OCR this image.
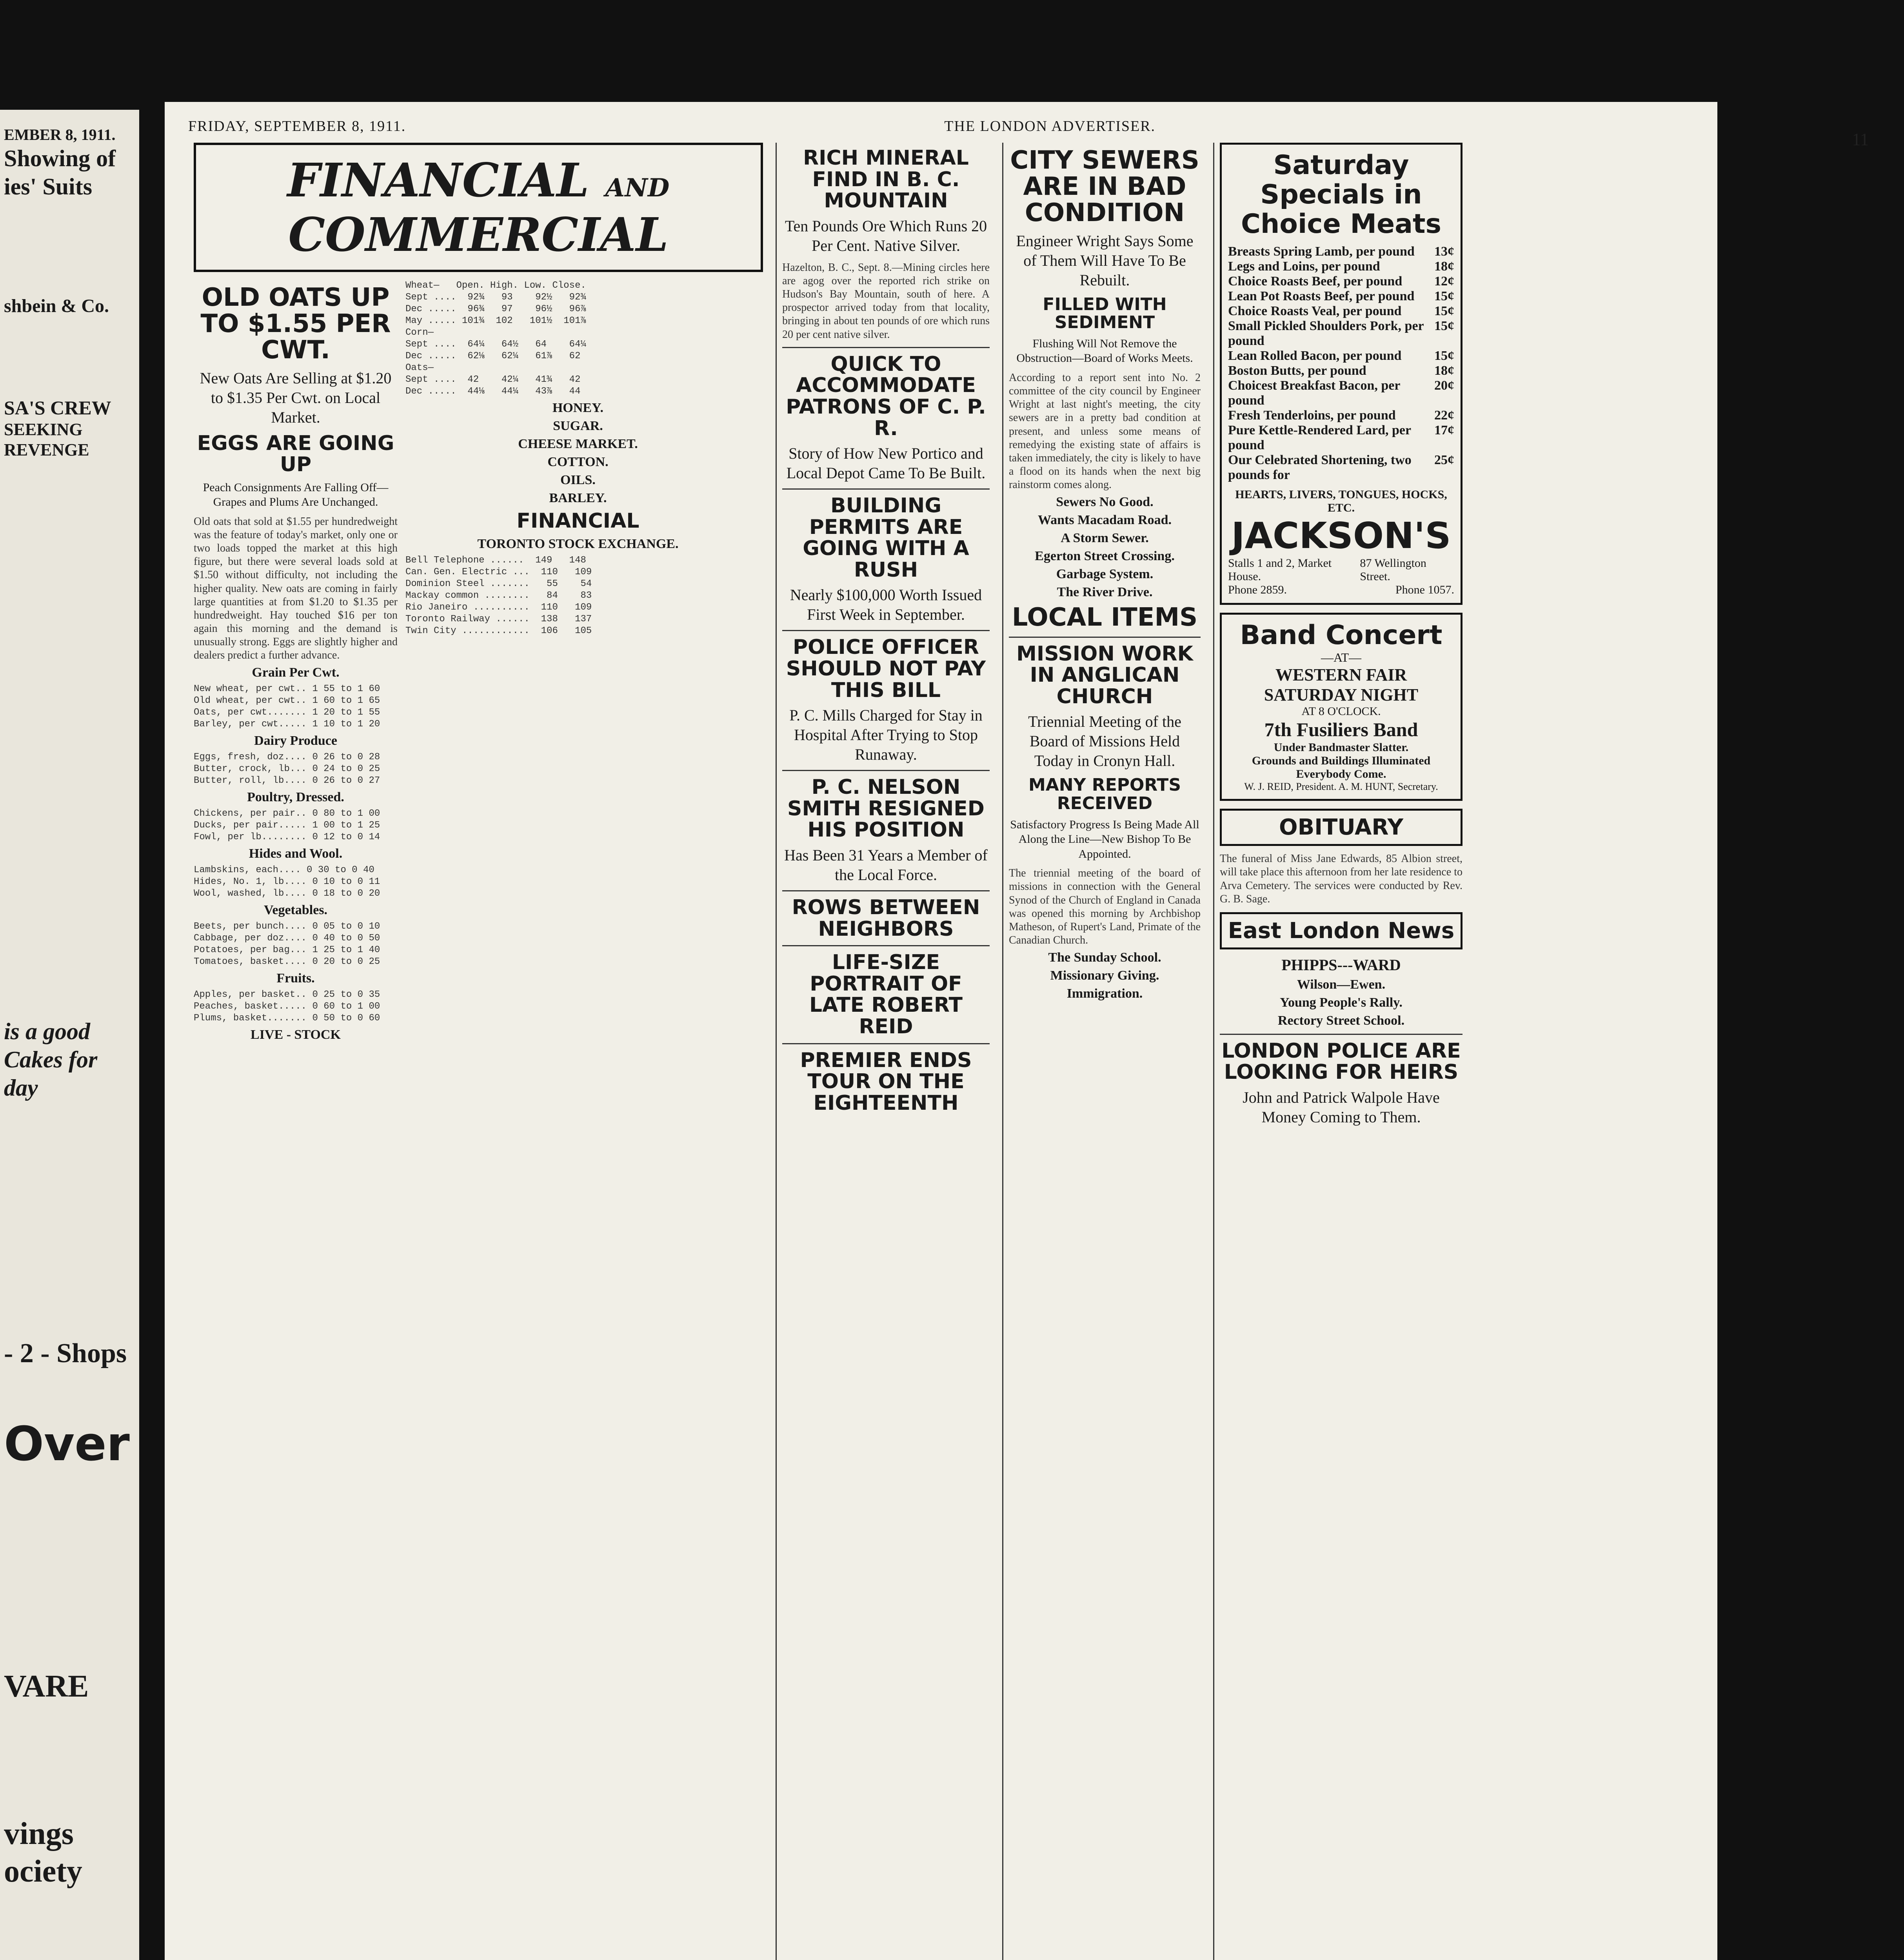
EMBER 8, 1911.
Showing of
ies' Suits
shbein & Co.
SA'S CREW
SEEKING REVENGE
is a good
Cakes for
day
- 2 - Shops
Over
VARE
vings
ociety
11
FRIDAY, SEPTEMBER 8, 1911.	THE LONDON ADVERTISER.
FINANCIAL AND COMMERCIAL
OLD OATS UP TO $1.55 PER CWT.
New Oats Are Selling at $1.20 to $1.35 Per Cwt. on Local Market.
EGGS ARE GOING UP
Peach Consignments Are Falling Off—Grapes and Plums Are Unchanged.
Old oats that sold at $1.55 per hundredweight was the feature of today's market, only one or two loads topped the market at this high figure, but there were several loads sold at $1.50 without difficulty, not including the higher quality. New oats are coming in fairly large quantities at from $1.20 to $1.35 per hundredweight. Hay touched $16 per ton again this morning and the demand is unusually strong. Eggs are slightly higher and dealers predict a further advance.
Grain Per Cwt.
New wheat, per cwt.. 1 55 to 1 60
Old wheat, per cwt.. 1 60 to 1 65
Oats, per cwt....... 1 20 to 1 55
Barley, per cwt..... 1 10 to 1 20
Dairy Produce
Eggs, fresh, doz.... 0 26 to 0 28
Butter, crock, lb... 0 24 to 0 25
Butter, roll, lb.... 0 26 to 0 27
Poultry, Dressed.
Chickens, per pair.. 0 80 to 1 00
Ducks, per pair..... 1 00 to 1 25
Fowl, per lb........ 0 12 to 0 14
Hides and Wool.
Lambskins, each.... 0 30 to 0 40
Hides, No. 1, lb.... 0 10 to 0 11
Wool, washed, lb.... 0 18 to 0 20
Vegetables.
Beets, per bunch.... 0 05 to 0 10
Cabbage, per doz.... 0 40 to 0 50
Potatoes, per bag... 1 25 to 1 40
Tomatoes, basket.... 0 20 to 0 25
Fruits.
Apples, per basket.. 0 25 to 0 35
Peaches, basket..... 0 60 to 1 00
Plums, basket....... 0 50 to 0 60
LIVE - STOCK
Wheat—   Open. High. Low. Close.
Sept ....  92¾   93    92½   92¾
Dec .....  96¾   97    96½   96⅞
May ..... 101¾  102   101½  101⅞
Corn—
Sept ....  64¼   64½   64    64¼
Dec .....  62⅛   62¼   61⅞   62
Oats—
Sept ....  42    42¼   41¾   42
Dec .....  44⅛   44¼   43⅞   44
HONEY.
SUGAR.
CHEESE MARKET.
COTTON.
OILS.
BARLEY.
FINANCIAL
TORONTO STOCK EXCHANGE.
Bell Telephone ......  149   148
Can. Gen. Electric ...  110   109
Dominion Steel .......   55    54
Mackay common ........   84    83
Rio Janeiro ..........  110   109
Toronto Railway ......  138   137
Twin City ............  106   105
RICH MINERAL FIND IN B. C. MOUNTAIN
Ten Pounds Ore Which Runs 20 Per Cent. Native Silver.
Hazelton, B. C., Sept. 8.—Mining circles here are agog over the reported rich strike on Hudson's Bay Mountain, south of here. A prospector arrived today from that locality, bringing in about ten pounds of ore which runs 20 per cent native silver.
QUICK TO ACCOMMODATE PATRONS OF C. P. R.
Story of How New Portico and Local Depot Came To Be Built.
BUILDING PERMITS ARE GOING WITH A RUSH
Nearly $100,000 Worth Issued First Week in September.
POLICE OFFICER SHOULD NOT PAY THIS BILL
P. C. Mills Charged for Stay in Hospital After Trying to Stop Runaway.
P. C. NELSON SMITH RESIGNED HIS POSITION
Has Been 31 Years a Member of the Local Force.
ROWS BETWEEN NEIGHBORS
LIFE-SIZE PORTRAIT OF LATE ROBERT REID
PREMIER ENDS TOUR ON THE EIGHTEENTH
CITY SEWERS ARE IN BAD CONDITION
Engineer Wright Says Some of Them Will Have To Be Rebuilt.
FILLED WITH SEDIMENT
Flushing Will Not Remove the Obstruction—Board of Works Meets.
According to a report sent into No. 2 committee of the city council by Engineer Wright at last night's meeting, the city sewers are in a pretty bad condition at present, and unless some means of remedying the existing state of affairs is taken immediately, the city is likely to have a flood on its hands when the next big rainstorm comes along.
Sewers No Good.
Wants Macadam Road.
A Storm Sewer.
Egerton Street Crossing.
Garbage System.
The River Drive.
LOCAL ITEMS
MISSION WORK IN ANGLICAN CHURCH
Triennial Meeting of the Board of Missions Held Today in Cronyn Hall.
MANY REPORTS RECEIVED
Satisfactory Progress Is Being Made All Along the Line—New Bishop To Be Appointed.
The triennial meeting of the board of missions in connection with the General Synod of the Church of England in Canada was opened this morning by Archbishop Matheson, of Rupert's Land, Primate of the Canadian Church.
The Sunday School.
Missionary Giving.
Immigration.
Saturday Specials in Choice Meats
Breasts Spring Lamb, per pound 13¢
Legs and Loins, per pound	18¢
Choice Roasts Beef, per pound 12¢
Lean Pot Roasts Beef, per pound 15¢
Choice Roasts Veal, per pound 15¢
Small Pickled Shoulders Pork, per pound
15¢
Lean Rolled Bacon, per pound 15¢
Boston Butts, per pound	18¢
Choicest Breakfast Bacon, per pound
20¢
Fresh Tenderloins, per pound	22¢
Pure Kettle-Rendered Lard, per pound
17¢
Our Celebrated Shortening, two pounds for
25¢
HEARTS, LIVERS, TONGUES, HOCKS, ETC.
JACKSON'S
Stalls 1 and 2, Market House.
87 Wellington Street.
Phone 2859.	Phone 1057.
Band Concert
—AT—
WESTERN FAIR SATURDAY NIGHT
AT 8 O'CLOCK.
7th Fusiliers Band
Under Bandmaster Slatter.
Grounds and Buildings Illuminated Everybody Come.
W. J. REID, President. A. M. HUNT, Secretary.
OBITUARY
The funeral of Miss Jane Edwards, 85 Albion street, will take place this afternoon from her late residence to Arva Cemetery. The services were conducted by Rev. G. B. Sage.
East London News
PHIPPS---WARD
Wilson—Ewen.
Young People's Rally.
Rectory Street School.
LONDON POLICE ARE LOOKING FOR HEIRS
John and Patrick Walpole Have Money Coming to Them.
